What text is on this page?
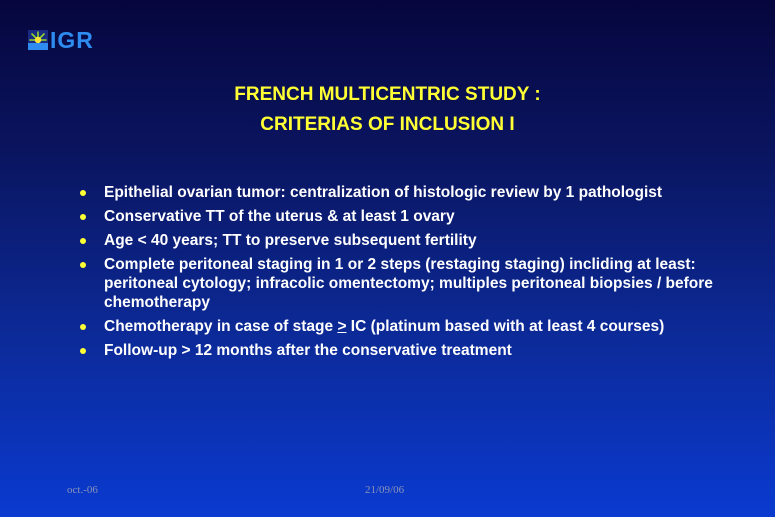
IGR
FRENCH MULTICENTRIC STUDY :
CRITERIAS OF INCLUSION I
Epithelial ovarian tumor: centralization of histologic review by 1 pathologist
Conservative TT of the uterus & at least 1 ovary
Age < 40 years; TT to preserve subsequent fertility
Complete peritoneal staging in 1 or 2 steps (restaging staging) incliding at least: peritoneal cytology; infracolic omentectomy; multiples peritoneal biopsies / before chemotherapy
Chemotherapy in case of stage > IC (platinum based with at least 4 courses)
Follow-up > 12 months after the conservative treatment
oct.-06	21/09/06
